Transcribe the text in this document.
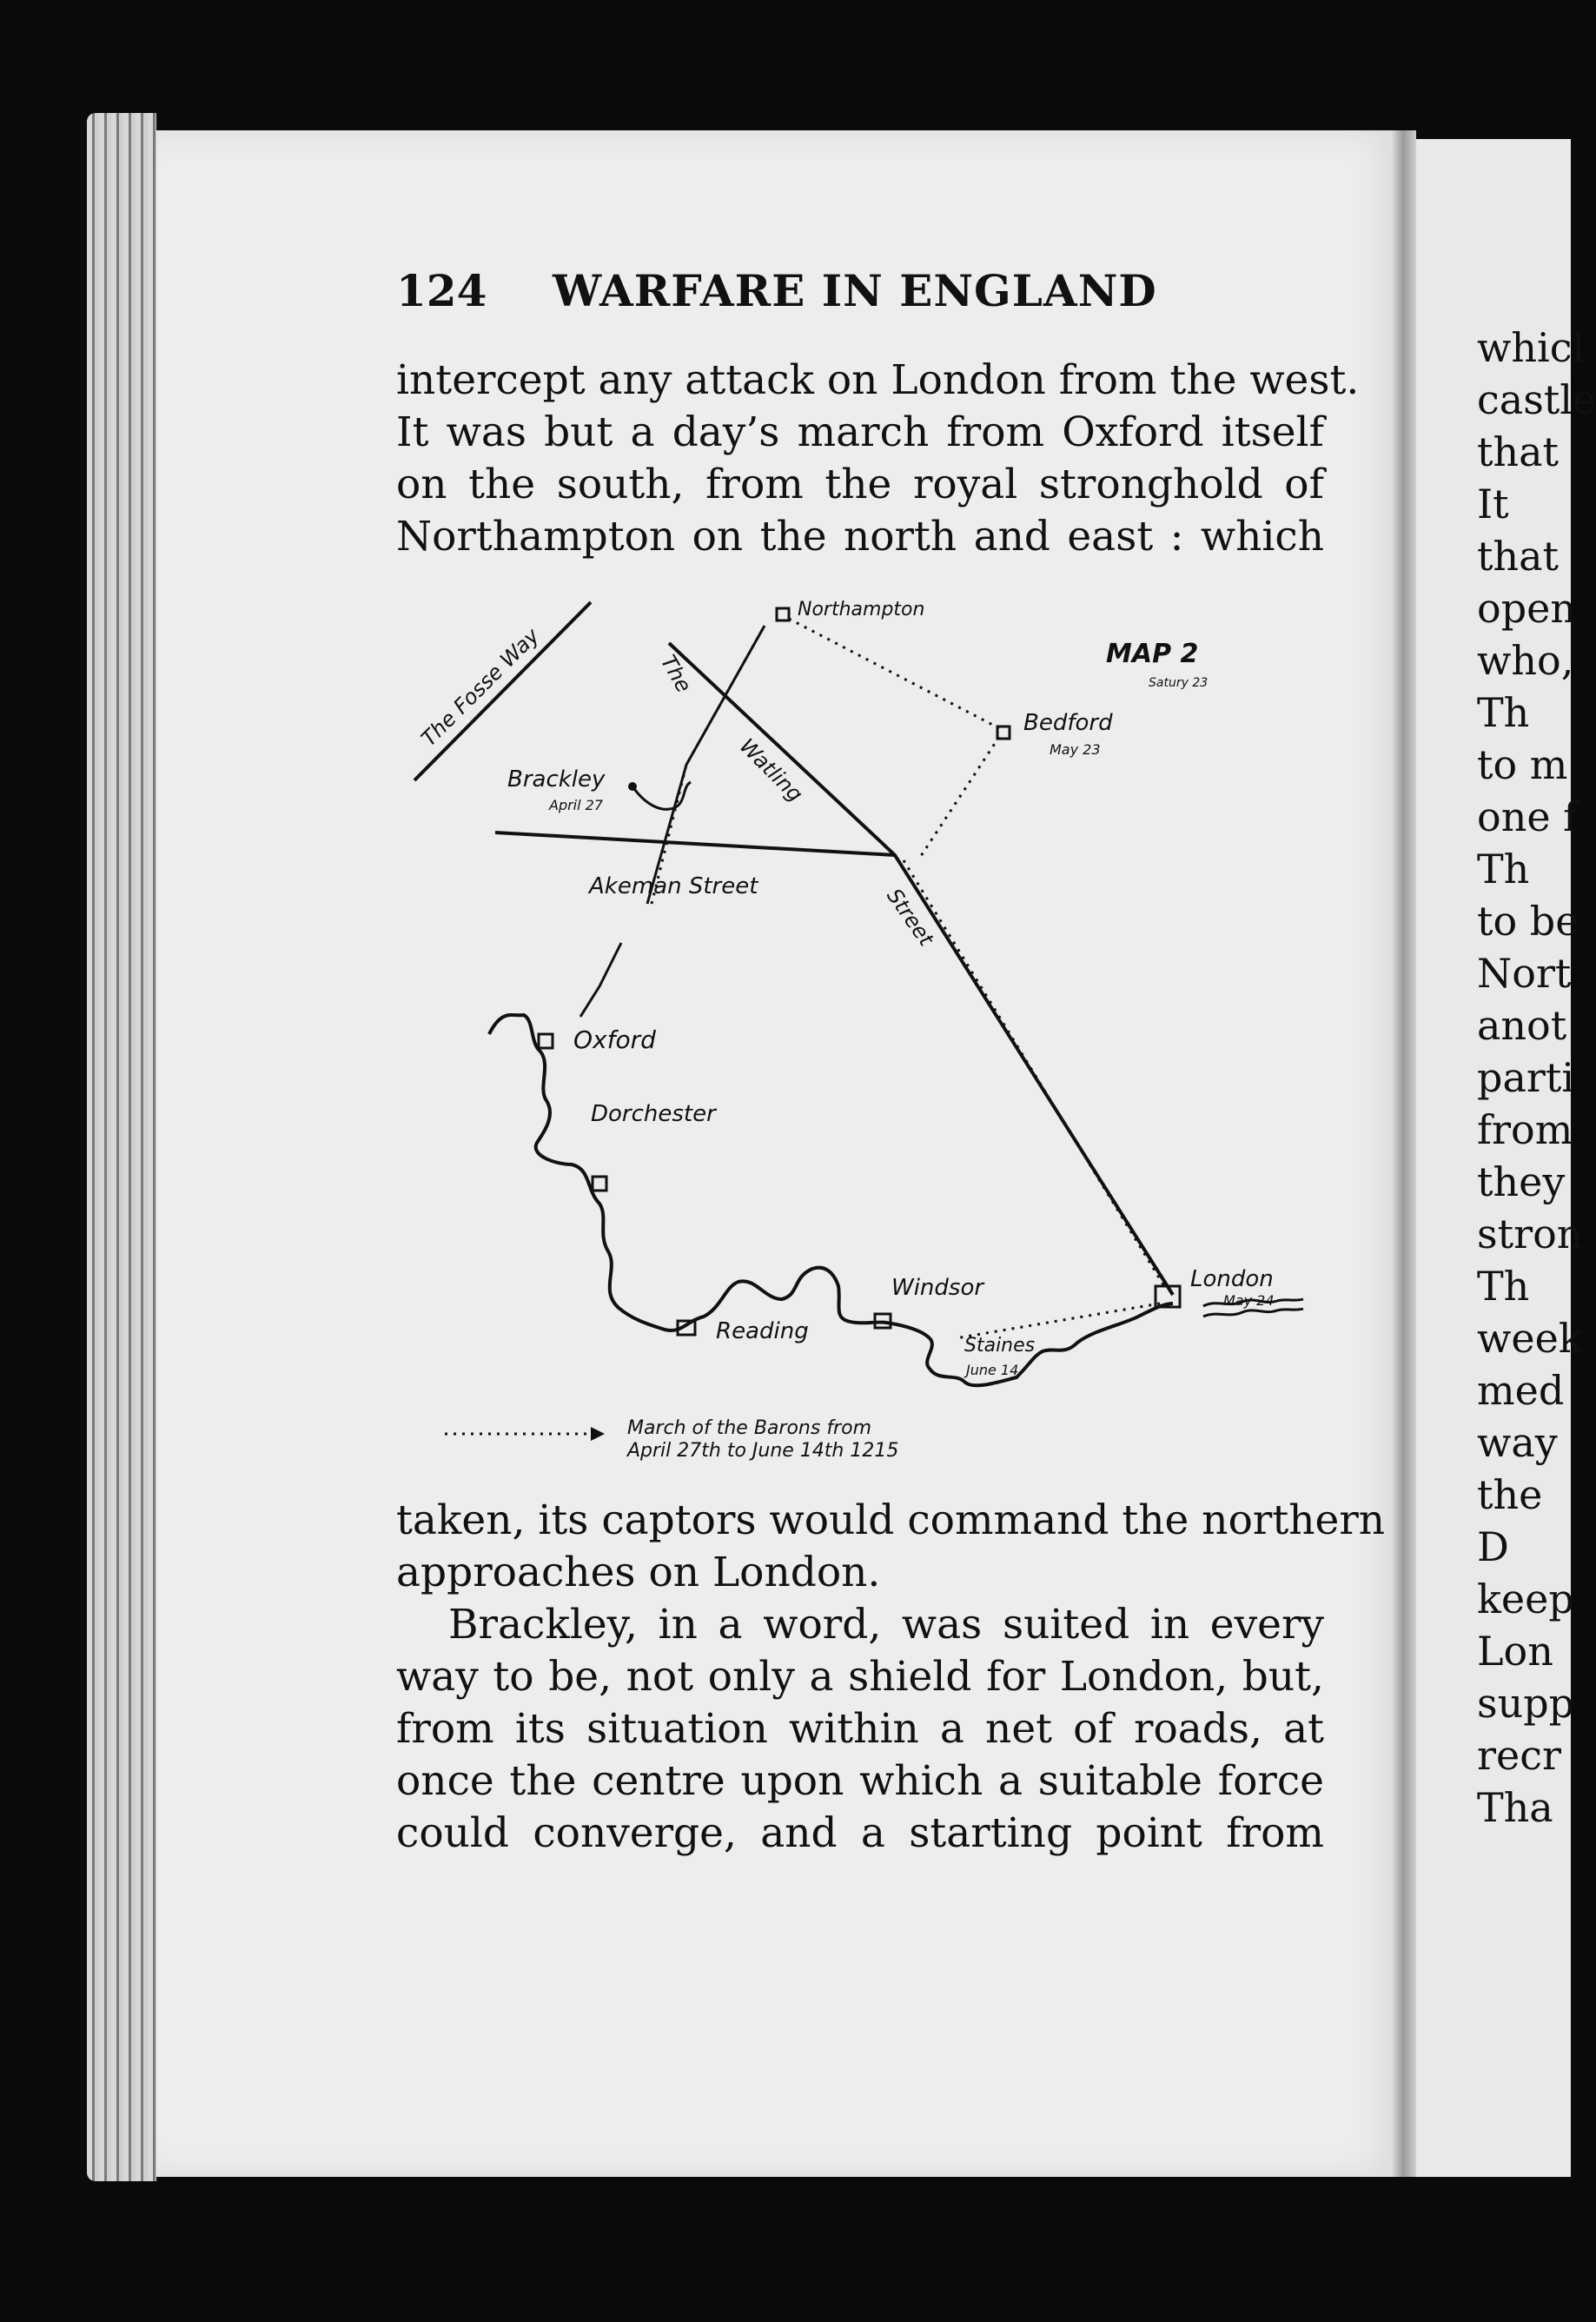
124 WARFARE IN ENGLAND
intercept any attack on London from the west.
It was but a day’s march from Oxford itself
on the south, from the royal stronghold of
Northampton on the north and east : which
The Fosse Way	The
Watling
Street
Akeman Street
Northampton
MAP 2
Satury 23
Bedford
May 23
Brackley
April 27
Oxford
Dorchester
Reading
Windsor
Staines
June 14
London
May 24
March of the Barons from
April 27th to June 14th 1215
taken, its captors would command the northern
approaches on London.
Brackley, in a word, was suited in every
way to be, not only a shield for London, but,
from its situation within a net of roads, at
once the centre upon which a suitable force
could converge, and a starting point from
whicl
castle
that
It
that
open
who,
Th
to m
one f
Th
to be
Nort
anot
parti
from
they
stron
Th
week
med
way
the
D
keep
Lon
supp
recr
Tha
